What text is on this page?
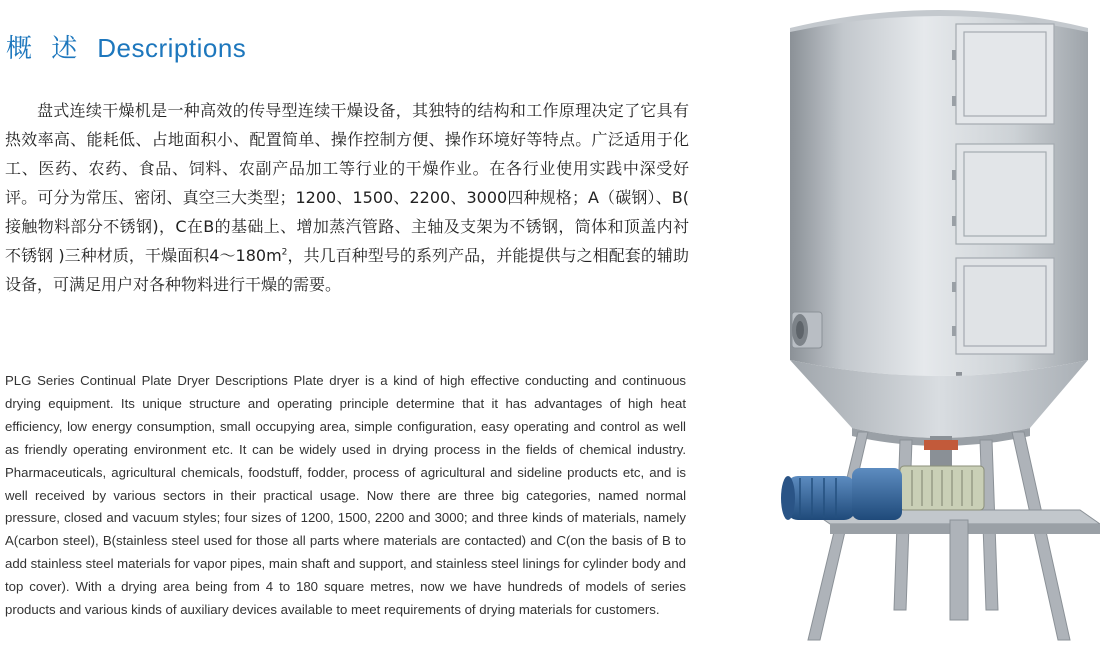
概 述 Descriptions

盘式连续干燥机是一种高效的传导型连续干燥设备，其独特的结构和工作原理决定了它具有热效率高、能耗低、占地面积小、配置简单、操作控制方便、操作环境好等特点。广泛适用于化工、医药、农药、食品、饲料、农副产品加工等行业的干燥作业。在各行业使用实践中深受好评。可分为常压、密闭、真空三大类型；1200、1500、2200、3000四种规格；A（碳钢）、B( 接触物料部分不锈钢)，C在B的基础上、增加蒸汽管路、主轴及支架为不锈钢，筒体和顶盖内衬不锈钢 )三种材质，干燥面积$4\sim 180m^2$，共几百种型号的系列产品，并能提供与之相配套的辅助设备，可满足用户对各种物料进行干燥的需要。

PLG Series Continual Plate Dryer Descriptions Plate dryer is a kind of high effective conducting and continuous drying equipment. Its unique structure and operating principle determine that it has advantages of high heat efficiency, low energy consumption, small occupying area, simple configuration, easy operating and control as well as friendly operating environment etc. It can be widely used in drying process in the fields of chemical industry. Pharmaceuticals, agricultural chemicals, foodstuff, fodder, process of agricultural and sideline products etc, and is well received by various sectors in their practical usage. Now there are three big categories, named normal pressure, closed and vacuum styles; four sizes of 1200, 1500, 2200 and 3000; and three kinds of materials, namely A(carbon steel), B(stainless steel used for those all parts where materials are contacted) and C(on the basis of B to add stainless steel materials for vapor pipes, main shaft and support, and stainless steel linings for cylinder body and top cover). With a drying area being from 4 to 180 square metres, now we have hundreds of models of series products and various kinds of auxiliary devices available to meet requirements of drying materials for customers.
